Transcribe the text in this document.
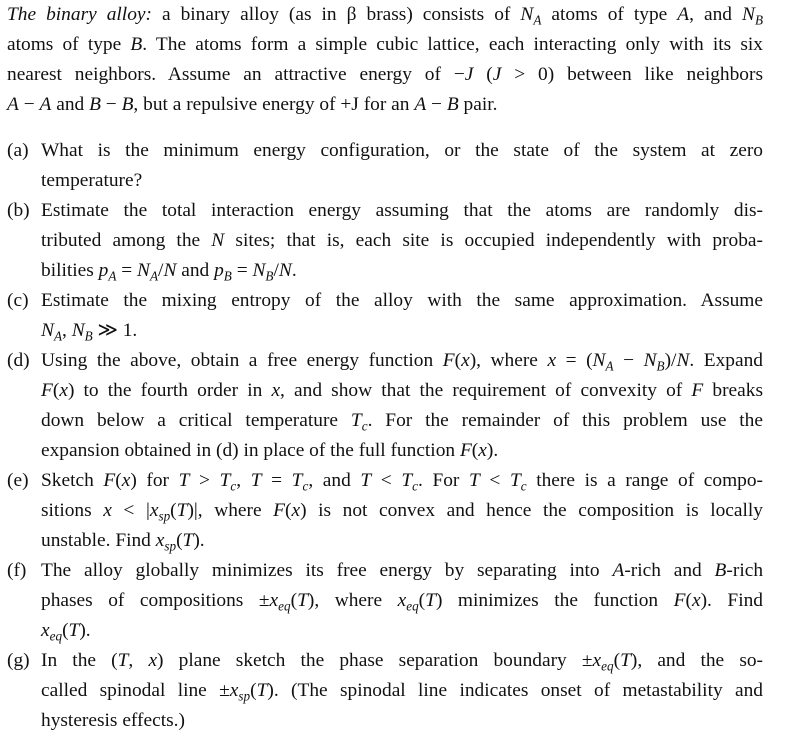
The binary alloy: a binary alloy (as in β brass) consists of $N_A$ atoms of type A, and $N_B$
atoms of type B. The atoms form a simple cubic lattice, each interacting only with its six
nearest neighbors. Assume an attractive energy of −J (J > 0) between like neighbors
A − A and B − B, but a repulsive energy of +J for an A − B pair.
(a) What is the minimum energy configuration, or the state of the system at zero
temperature?
(b) Estimate the total interaction energy assuming that the atoms are randomly dis-
tributed among the N sites; that is, each site is occupied independently with proba-
bilities $p_A = N_A/N$ and $p_B = N_B/N$.
(c) Estimate the mixing entropy of the alloy with the same approximation. Assume
$N_A$, $N_B$ ≫ 1.
(d) Using the above, obtain a free energy function F(x), where $x = (N_A - N_B)/N$. Expand
F(x) to the fourth order in x, and show that the requirement of convexity of F breaks
down below a critical temperature $T_c$. For the remainder of this problem use the
expansion obtained in (d) in place of the full function F(x).
(e) Sketch F(x) for $T > T_c$, $T = T_c$, and $T < T_c$. For $T < T_c$ there is a range of compo-
sitions $x < |x_{sp}(T)|$, where F(x) is not convex and hence the composition is locally
unstable. Find $x_{sp}(T)$.
(f) The alloy globally minimizes its free energy by separating into A-rich and B-rich
phases of compositions $\pm x_{eq}(T)$, where $x_{eq}(T)$ minimizes the function F(x). Find
$x_{eq}(T)$.
(g) In the (T, x) plane sketch the phase separation boundary $\pm x_{eq}(T)$, and the so-
called spinodal line $\pm x_{sp}(T)$. (The spinodal line indicates onset of metastability and
hysteresis effects.)
